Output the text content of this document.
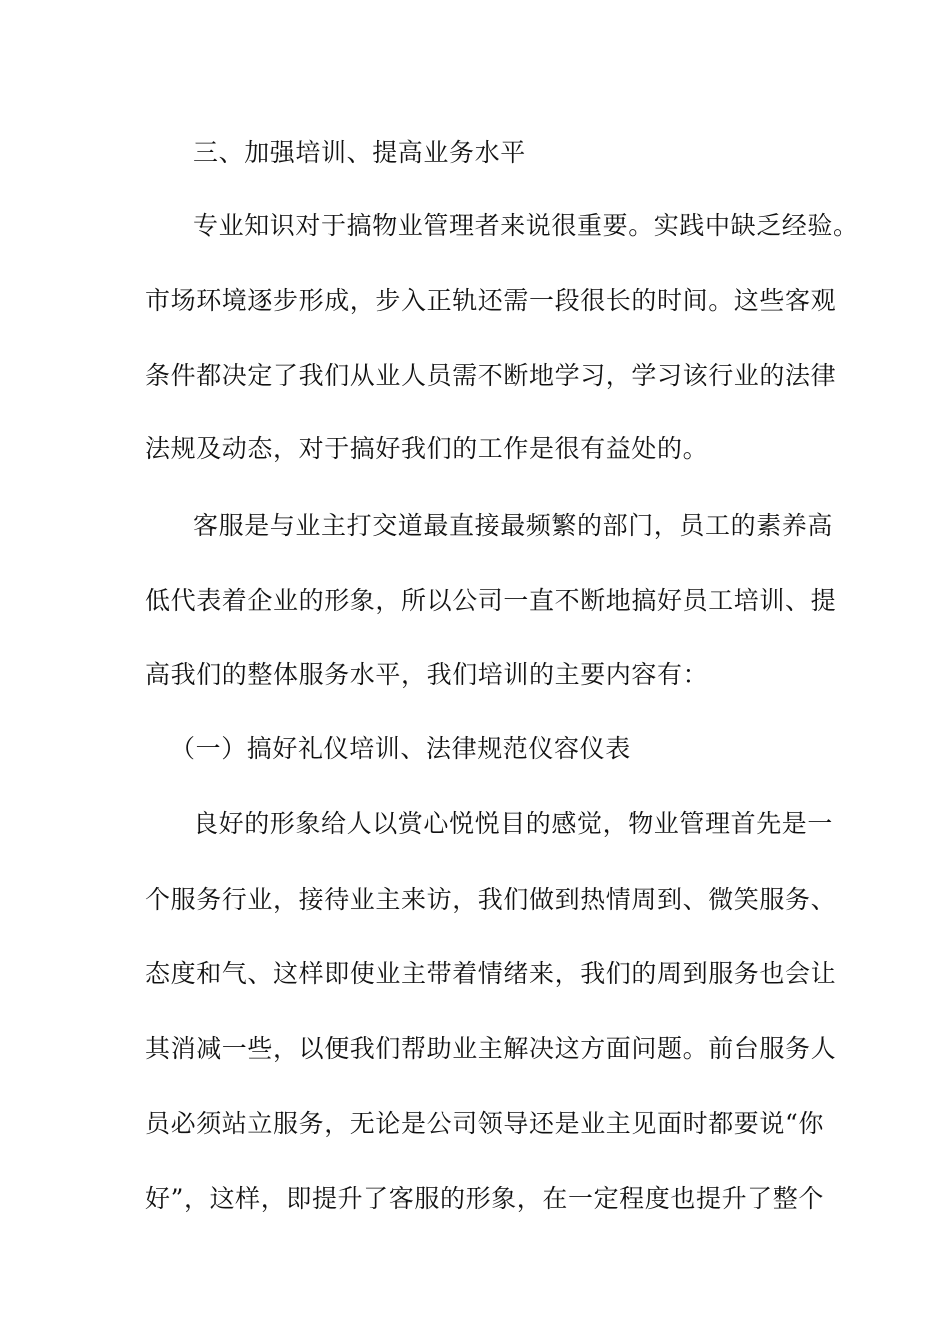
三、加强培训、提高业务水平
专业知识对于搞物业管理者来说很重要。实践中缺乏经验。
市场环境逐步形成，步入正轨还需一段很长的时间。这些客观
条件都决定了我们从业人员需不断地学习，学习该行业的法律
法规及动态，对于搞好我们的工作是很有益处的。
客服是与业主打交道最直接最频繁的部门，员工的素养高
低代表着企业的形象，所以公司一直不断地搞好员工培训、提
高我们的整体服务水平，我们培训的主要内容有：
（一）搞好礼仪培训、法律规范仪容仪表
良好的形象给人以赏心悦悦目的感觉，物业管理首先是一
个服务行业，接待业主来访，我们做到热情周到、微笑服务、
态度和气、这样即使业主带着情绪来，我们的周到服务也会让
其消减一些，以便我们帮助业主解决这方面问题。前台服务人
员必须站立服务，无论是公司领导还是业主见面时都要说“你
好”，这样，即提升了客服的形象，在一定程度也提升了整个
